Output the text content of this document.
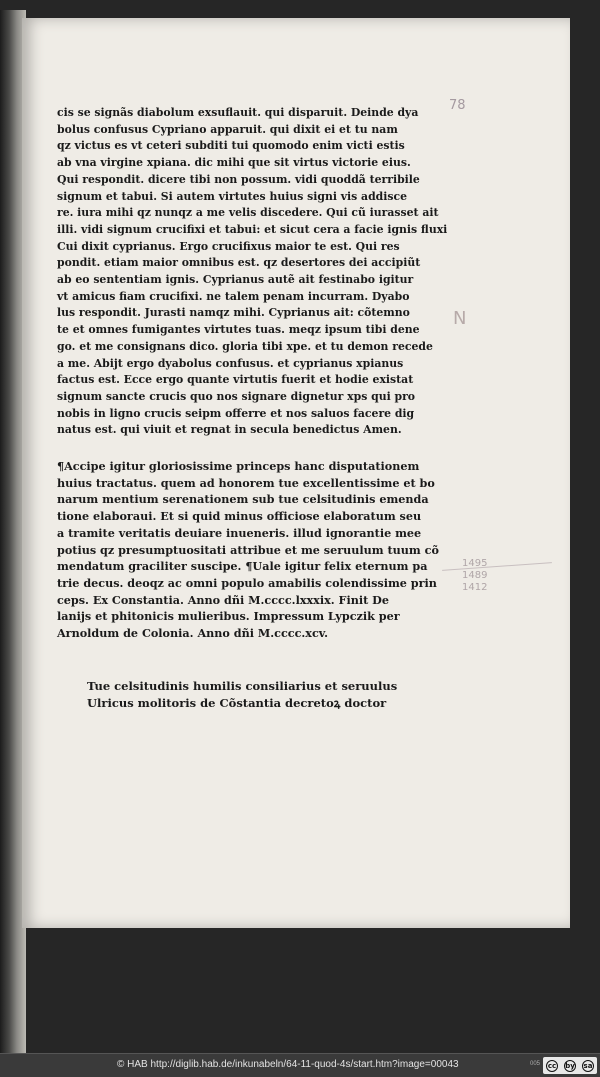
cis se signãs diabolum exsuflauit. qui disparuit. Deinde dya
bolus confusus Cypriano apparuit. qui dixit ei et tu nam
qz victus es vt ceteri subditi tui quomodo enim victi estis
ab vna virgine xpiana. dic mihi que sit virtus victorie eius.
Qui respondit. dicere tibi non possum. vidi quoddã terribile
signum et tabui. Si autem virtutes huius signi vis addisce
re. iura mihi qz nunqz a me velis discedere. Qui cũ iurasset ait
illi. vidi signum crucifixi et tabui: et sicut cera a facie ignis fluxi
Cui dixit cyprianus. Ergo crucifixus maior te est. Qui res
pondit. etiam maior omnibus est. qz desertores dei accipiũt
ab eo sententiam ignis. Cyprianus autẽ ait festinabo igitur
vt amicus fiam crucifixi. ne talem penam incurram. Dyabo
lus respondit. Jurasti namqz mihi. Cyprianus ait: cõtemno
te et omnes fumigantes virtutes tuas. meqz ipsum tibi dene
go. et me consignans dico. gloria tibi xpe. et tu demon recede
a me. Abijt ergo dyabolus confusus. et cyprianus xpianus
factus est. Ecce ergo quante virtutis fuerit et hodie existat
signum sancte crucis quo nos signare dignetur xps qui pro
nobis in ligno crucis seipm offerre et nos saluos facere dig
natus est. qui viuit et regnat in secula benedictus Amen.
¶Accipe igitur gloriosissime princeps hanc disputationem
huius tractatus. quem ad honorem tue excellentissime et bo
narum mentium serenationem sub tue celsitudinis emenda
tione elaboraui. Et si quid minus officiose elaboratum seu
a tramite veritatis deuiare inueneris. illud ignorantie mee
potius qz presumptuositati attribue et me seruulum tuum cõ
mendatum graciliter suscipe. ¶Uale igitur felix eternum pa
trie decus. deoqz ac omni populo amabilis colendissime prin
ceps. Ex Constantia. Anno dñi M.cccc.lxxxix. Finit De
lanijs et phitonicis mulieribus. Impressum Lypczik per
Arnoldum de Colonia. Anno dñi M.cccc.xcv.
Tue celsitudinis humilis consiliarius et seruulus
Ulricus molitoris de Cõstantia decretoꝝ doctor
78
N
1495
1489
1412
© HAB http://diglib.hab.de/inkunabeln/64-11-quod-4s/start.htm?image=00043	005 cc by sa
